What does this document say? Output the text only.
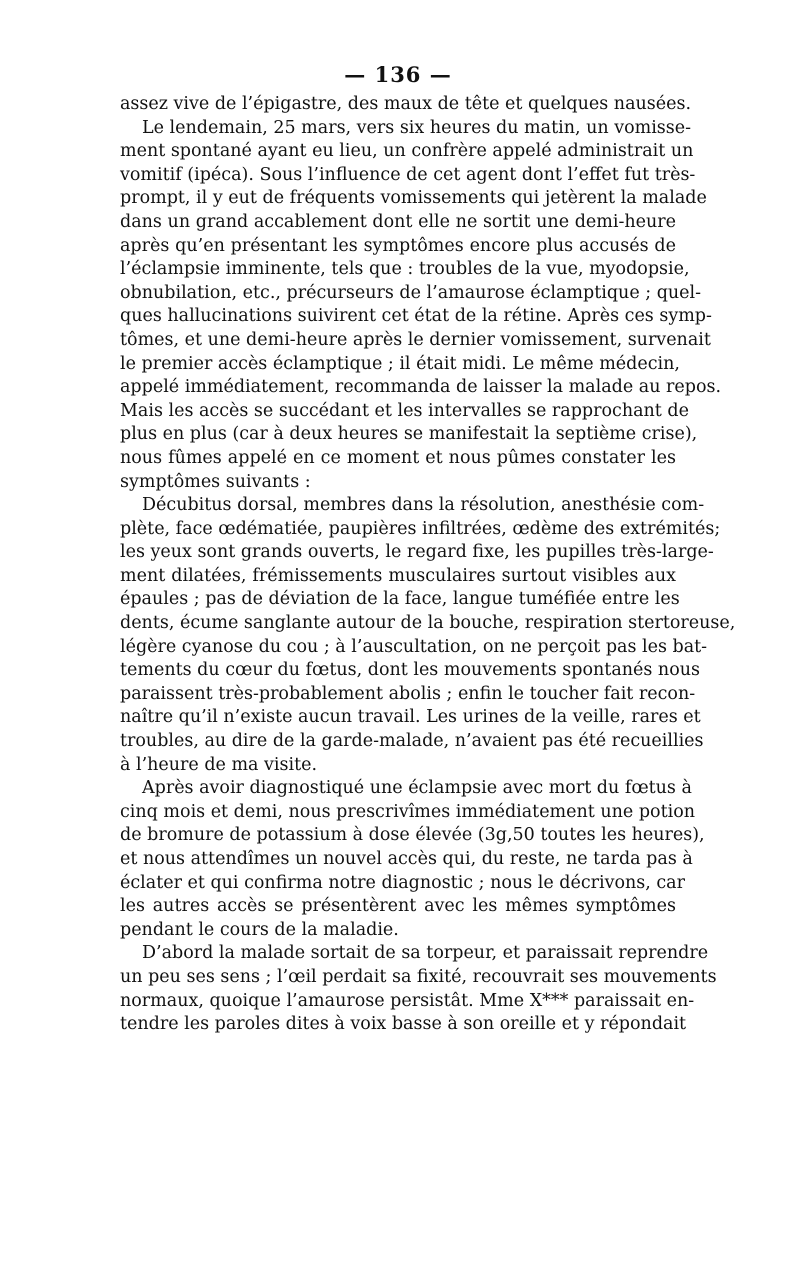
— 136 —
assez vive de l’épigastre, des maux de tête et quelques nausées.
Le lendemain, 25 mars, vers six heures du matin, un vomisse-
ment spontané ayant eu lieu, un confrère appelé administrait un
vomitif (ipéca). Sous l’influence de cet agent dont l’effet fut très-
prompt, il y eut de fréquents vomissements qui jetèrent la malade
dans un grand accablement dont elle ne sortit une demi-heure
après qu’en présentant les symptômes encore plus accusés de
l’éclampsie imminente, tels que : troubles de la vue, myodopsie,
obnubilation, etc., précurseurs de l’amaurose éclamptique ; quel-
ques hallucinations suivirent cet état de la rétine. Après ces symp-
tômes, et une demi-heure après le dernier vomissement, survenait
le premier accès éclamptique ; il était midi. Le même médecin,
appelé immédiatement, recommanda de laisser la malade au repos.
Mais les accès se succédant et les intervalles se rapprochant de
plus en plus (car à deux heures se manifestait la septième crise),
nous fûmes appelé en ce moment et nous pûmes constater les
symptômes suivants :
Décubitus dorsal, membres dans la résolution, anesthésie com-
plète, face œdématiée, paupières infiltrées, œdème des extrémités;
les yeux sont grands ouverts, le regard fixe, les pupilles très-large-
ment dilatées, frémissements musculaires surtout visibles aux
épaules ; pas de déviation de la face, langue tuméfiée entre les
dents, écume sanglante autour de la bouche, respiration stertoreuse,
légère cyanose du cou ; à l’auscultation, on ne perçoit pas les bat-
tements du cœur du fœtus, dont les mouvements spontanés nous
paraissent très-probablement abolis ; enfin le toucher fait recon-
naître qu’il n’existe aucun travail. Les urines de la veille, rares et
troubles, au dire de la garde-malade, n’avaient pas été recueillies
à l’heure de ma visite.
Après avoir diagnostiqué une éclampsie avec mort du fœtus à
cinq mois et demi, nous prescrivîmes immédiatement une potion
de bromure de potassium à dose élevée (3g,50 toutes les heures),
et nous attendîmes un nouvel accès qui, du reste, ne tarda pas à
éclater et qui confirma notre diagnostic ; nous le décrivons, car
les autres accès se présentèrent avec les mêmes symptômes
pendant le cours de la maladie.
D’abord la malade sortait de sa torpeur, et paraissait reprendre
un peu ses sens ; l’œil perdait sa fixité, recouvrait ses mouvements
normaux, quoique l’amaurose persistât. Mme X*** paraissait en-
tendre les paroles dites à voix basse à son oreille et y répondait
